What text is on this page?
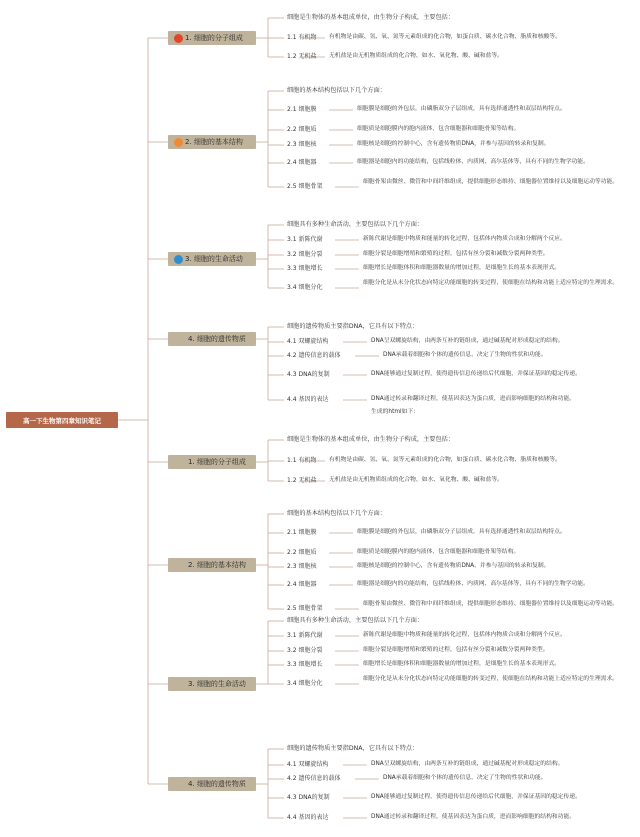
高一下生物第四章知识笔记
1. 细胞的分子组成
细胞是生物体的基本组成单位，由生物分子构成，主要包括：
1.1 有机物 有机物是由碳、氢、氧、氮等元素组成的化合物，如蛋白质、碳水化合物、脂质和核酸等。
1.2 无机盐 无机盐是由无机物质组成的化合物，如水、氧化物、酸、碱和盐等。
2. 细胞的基本结构
细胞的基本结构包括以下几个方面：
2.1 细胞膜	细胞膜是细胞的外包层，由磷脂双分子层组成，具有选择通透性和双层结构特点。
2.2 细胞质	细胞质是细胞膜内的胞内液体，包含细胞器和细胞骨架等结构。
2.3 细胞核	细胞核是细胞的控制中心，含有遗传物质DNA，并参与基因的转录和复制。
2.4 细胞器	细胞器是细胞内的功能结构，包括线粒体、内质网、高尔基体等，具有不同的生物学功能。
2.5 细胞骨架
细胞骨架由微丝、微管和中间纤维组成，提供细胞形态维持、细胞器位置维持以及细胞运动等功能。
3. 细胞的生命活动
细胞具有多种生命活动，主要包括以下几个方面：
3.1 新陈代谢	新陈代谢是细胞中物质和能量的转化过程，包括体内物质合成和分解两个反应。
3.2 细胞分裂	细胞分裂是细胞增殖和繁殖的过程，包括有丝分裂和减数分裂两种类型。
3.3 细胞增长	细胞增长是细胞体积和细胞器数量的增加过程，是细胞生长的基本表现形式。
3.4 细胞分化
细胞分化是从未分化状态向特定功能细胞的转变过程，使细胞在结构和功能上适应特定的生理需求。
4. 细胞的遗传物质
细胞的遗传物质主要指DNA，它具有以下特点：
4.1 双螺旋结构	DNA呈双螺旋结构，由两条互补的链组成，通过碱基配对形成稳定的结构。
4.2 遗传信息的载体	DNA承载着细胞和个体的遗传信息，决定了生物的性状和功能。
4.3 DNA的复制	DNA能够通过复制过程，使得遗传信息传递给后代细胞，并保证基因的稳定传递。
4.4 基因的表达	DNA通过转录和翻译过程，使基因表达为蛋白质，进而影响细胞的结构和功能。
生成的html如下：
1. 细胞的分子组成
细胞是生物体的基本组成单位，由生物分子构成，主要包括：
1.1 有机物 有机物是由碳、氢、氧、氮等元素组成的化合物，如蛋白质、碳水化合物、脂质和核酸等。
1.2 无机盐 无机盐是由无机物质组成的化合物，如水、氧化物、酸、碱和盐等。
2. 细胞的基本结构
细胞的基本结构包括以下几个方面：
2.1 细胞膜	细胞膜是细胞的外包层，由磷脂双分子层组成，具有选择通透性和双层结构特点。
2.2 细胞质	细胞质是细胞膜内的胞内液体，包含细胞器和细胞骨架等结构。
2.3 细胞核	细胞核是细胞的控制中心，含有遗传物质DNA，并参与基因的转录和复制。
2.4 细胞器	细胞器是细胞内的功能结构，包括线粒体、内质网、高尔基体等，具有不同的生物学功能。
2.5 细胞骨架
细胞骨架由微丝、微管和中间纤维组成，提供细胞形态维持、细胞器位置维持以及细胞运动等功能。
3. 细胞的生命活动
细胞具有多种生命活动，主要包括以下几个方面：
3.1 新陈代谢	新陈代谢是细胞中物质和能量的转化过程，包括体内物质合成和分解两个反应。
3.2 细胞分裂	细胞分裂是细胞增殖和繁殖的过程，包括有丝分裂和减数分裂两种类型。
3.3 细胞增长	细胞增长是细胞体积和细胞器数量的增加过程，是细胞生长的基本表现形式。
3.4 细胞分化
细胞分化是从未分化状态向特定功能细胞的转变过程，使细胞在结构和功能上适应特定的生理需求。
4. 细胞的遗传物质
细胞的遗传物质主要指DNA，它具有以下特点：
4.1 双螺旋结构	DNA呈双螺旋结构，由两条互补的链组成，通过碱基配对形成稳定的结构。
4.2 遗传信息的载体	DNA承载着细胞和个体的遗传信息，决定了生物的性状和功能。
4.3 DNA的复制	DNA能够通过复制过程，使得遗传信息传递给后代细胞，并保证基因的稳定传递。
4.4 基因的表达	DNA通过转录和翻译过程，使基因表达为蛋白质，进而影响细胞的结构和功能。
